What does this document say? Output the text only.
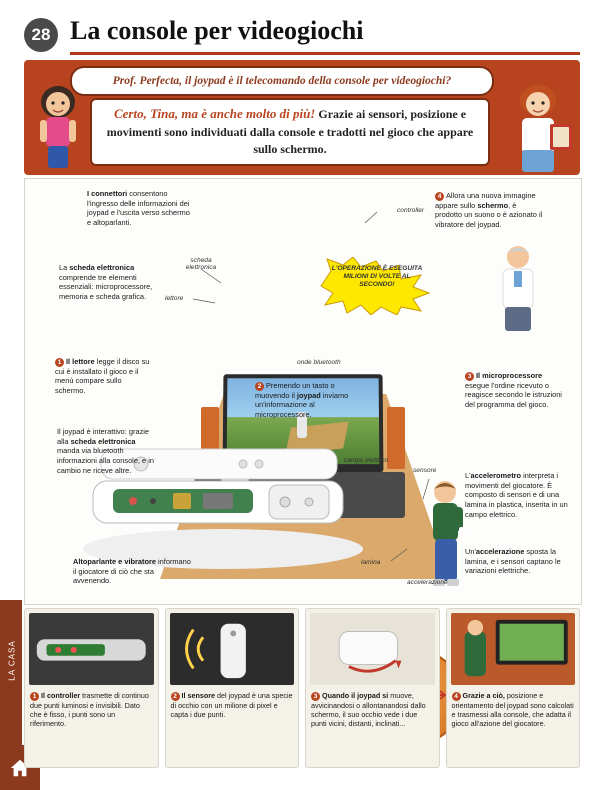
LA CASA
28 La console per videogiochi

Prof. Perfecta, il joypad è il telecomando della console per videogiochi?

Certo, Tina, ma è anche molto di più! Grazie ai sensori, posizione e movimenti sono individuati dalla console e tradotti nel gioco che appare sullo schermo.

L'OPERAZIONE È ESEGUITA MILIONI DI VOLTE AL SECONDO!
I connettori consentono l'ingresso delle informazioni dei joypad e l'uscita verso schermo e altoparlanti.
La scheda elettronica comprende tre elementi essenziali: microprocessore, memoria e scheda grafica.
1 Il lettore legge il disco su cui è installato il gioco e il menù compare sullo schermo.
Il joypad è interattivo: grazie alla scheda elettronica manda via bluetooth informazioni alla console, e in cambio ne riceve altre.
Altoparlante e vibratore informano il giocatore di ciò che sta avvenendo.
2 Premendo un tasto o muovendo il joypad inviamo un'informazione al microprocessore.
3 Il microprocessore esegue l'ordine ricevuto o reagisce secondo le istruzioni del programma del gioco.
4 Allora una nuova immagine appare sullo schermo, è prodotto un suono o è azionato il vibratore del joypad.
L'accelerometro interpreta i movimenti del giocatore. È composto di sensori e di una lamina in plastica, inserita in un campo elettrico.
Un'accelerazione sposta la lamina, e i sensori captano le variazioni elettriche.
controller
scheda elettronica
lettore
onde bluetooth
campo elettrico
sensore
lamina
accelerazione
1 Il controller trasmette di continuo due punti luminosi e invisibili. Dato che è fisso, i punti sono un riferimento.
2 Il sensore del joypad è una specie di occhio con un milione di pixel e capta i due punti.
3 Quando il joypad si muove, avvicinandosi o allontanandosi dallo schermo, il suo occhio vede i due punti vicini, distanti, inclinati...
4 Grazie a ciò, posizione e orientamento del joypad sono calcolati e trasmessi alla console, che adatta il gioco all'azione del giocatore.
